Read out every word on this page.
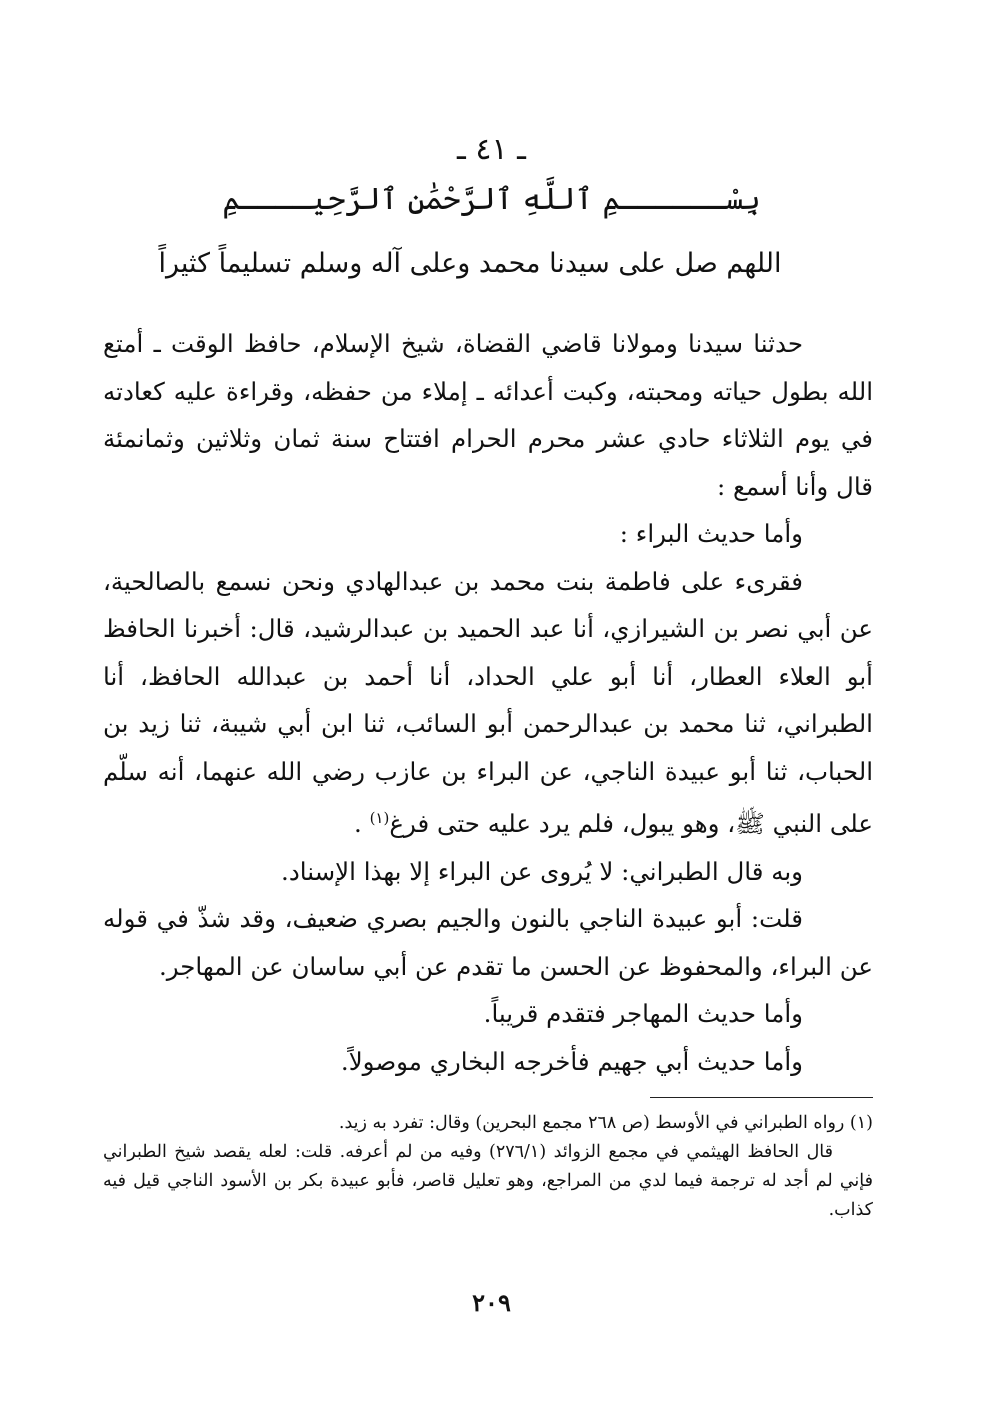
ـ ٤١ ـ
بِسْــــــمِ ٱللَّهِ ٱلرَّحْمَٰنِ ٱلرَّحِيــــمِ
اللهم صل على سيدنا محمد وعلى آله وسلم تسليماً كثيراً

حدثنا سيدنا ومولانا قاضي القضاة، شيخ الإسلام، حافظ الوقت ـ أمتع الله بطول حياته ومحبته، وكبت أعدائه ـ إملاء من حفظه، وقراءة عليه كعادته في يوم الثلاثاء حادي عشر محرم الحرام افتتاح سنة ثمان وثلاثين وثمانمئة قال وأنا أسمع :

وأما حديث البراء :

فقرىء على فاطمة بنت محمد بن عبدالهادي ونحن نسمع بالصالحية، عن أبي نصر بن الشيرازي، أنا عبد الحميد بن عبدالرشيد، قال: أخبرنا الحافظ أبو العلاء العطار، أنا أبو علي الحداد، أنا أحمد بن عبدالله الحافظ، أنا الطبراني، ثنا محمد بن عبدالرحمن أبو السائب، ثنا ابن أبي شيبة، ثنا زيد بن الحباب، ثنا أبو عبيدة الناجي، عن البراء بن عازب رضي الله عنهما، أنه سلّم على النبي ﷺ، وهو يبول، فلم يرد عليه حتى فرغ$^{(١)}$ .

وبه قال الطبراني: لا يُروى عن البراء إلا بهذا الإسناد.

قلت: أبو عبيدة الناجي بالنون والجيم بصري ضعيف، وقد شذّ في قوله عن البراء، والمحفوظ عن الحسن ما تقدم عن أبي ساسان عن المهاجر.

وأما حديث المهاجر فتقدم قريباً.

وأما حديث أبي جهيم فأخرجه البخاري موصولاً.

(١) رواه الطبراني في الأوسط (ص ٢٦٨ مجمع البحرين) وقال: تفرد به زيد.

قال الحافظ الهيثمي في مجمع الزوائد (٢٧٦/١) وفيه من لم أعرفه. قلت: لعله يقصد شيخ الطبراني فإني لم أجد له ترجمة فيما لدي من المراجع، وهو تعليل قاصر، فأبو عبيدة بكر بن الأسود الناجي قيل فيه كذاب.

٢٠٩
